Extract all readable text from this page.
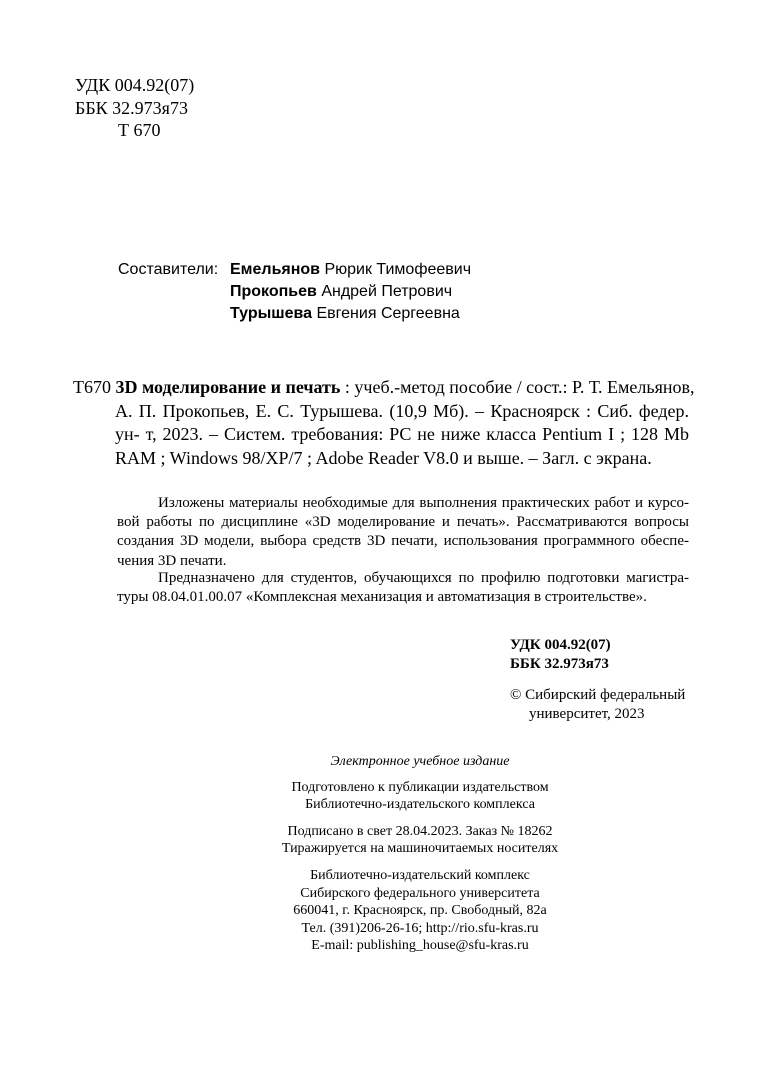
УДК 004.92(07)
ББК 32.973я73
Т 670
Составители: Емельянов Рюрик Тимофеевич
Прокопьев Андрей Петрович
Турышева Евгения Сергеевна
Т670 3D моделирование и печать : учеб.-метод пособие / сост.: Р. Т. Емельянов,
А. П. Прокопьев, Е. С. Турышева. (10,9 Мб). – Красноярск : Сиб. федер.
ун- т, 2023. – Систем. требования: PC не ниже класса Pentium I ; 128 Mb
RAM ; Windows 98/XP/7 ; Adobe Reader V8.0 и выше. – Загл. с экрана.
Изложены материалы необходимые для выполнения практических работ и курсо-
вой работы по дисциплине «3D моделирование и печать». Рассматриваются вопросы
создания 3D модели, выбора средств 3D печати, использования программного обеспе-
чения 3D печати.
Предназначено для студентов, обучающихся по профилю подготовки магистра-
туры 08.04.01.00.07 «Комплексная механизация и автоматизация в строительстве».
УДК 004.92(07)
ББК 32.973я73
© Сибирский федеральный
университет, 2023
Электронное учебное издание
Подготовлено к публикации издательством
Библиотечно-издательского комплекса
Подписано в свет 28.04.2023. Заказ № 18262
Тиражируется на машиночитаемых носителях
Библиотечно-издательский комплекс
Сибирского федерального университета
660041, г. Красноярск, пр. Свободный, 82а
Тел. (391)206-26-16; http://rio.sfu-kras.ru
E-mail: publishing_house@sfu-kras.ru
